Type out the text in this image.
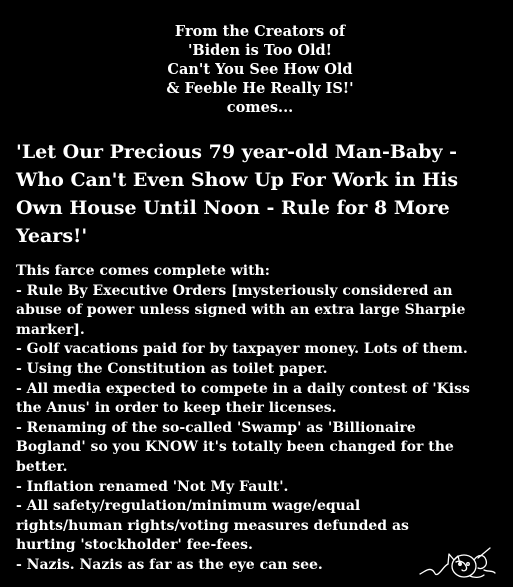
From the Creators of
'Biden is Too Old!
Can't You See How Old
& Feeble He Really IS!'
comes...
'Let Our Precious 79 year-old Man-Baby -
Who Can't Even Show Up For Work in His
Own House Until Noon - Rule for 8 More
Years!'
This farce comes complete with:
- Rule By Executive Orders [mysteriously considered an
abuse of power unless signed with an extra large Sharpie
marker].
- Golf vacations paid for by taxpayer money. Lots of them.
- Using the Constitution as toilet paper.
- All media expected to compete in a daily contest of 'Kiss
the Anus' in order to keep their licenses.
- Renaming of the so-called 'Swamp' as 'Billionaire
Bogland' so you KNOW it's totally been changed for the
better.
- Inflation renamed 'Not My Fault'.
- All safety/regulation/minimum wage/equal
rights/human rights/voting measures defunded as
hurting 'stockholder' fee-fees.
- Nazis. Nazis as far as the eye can see.
